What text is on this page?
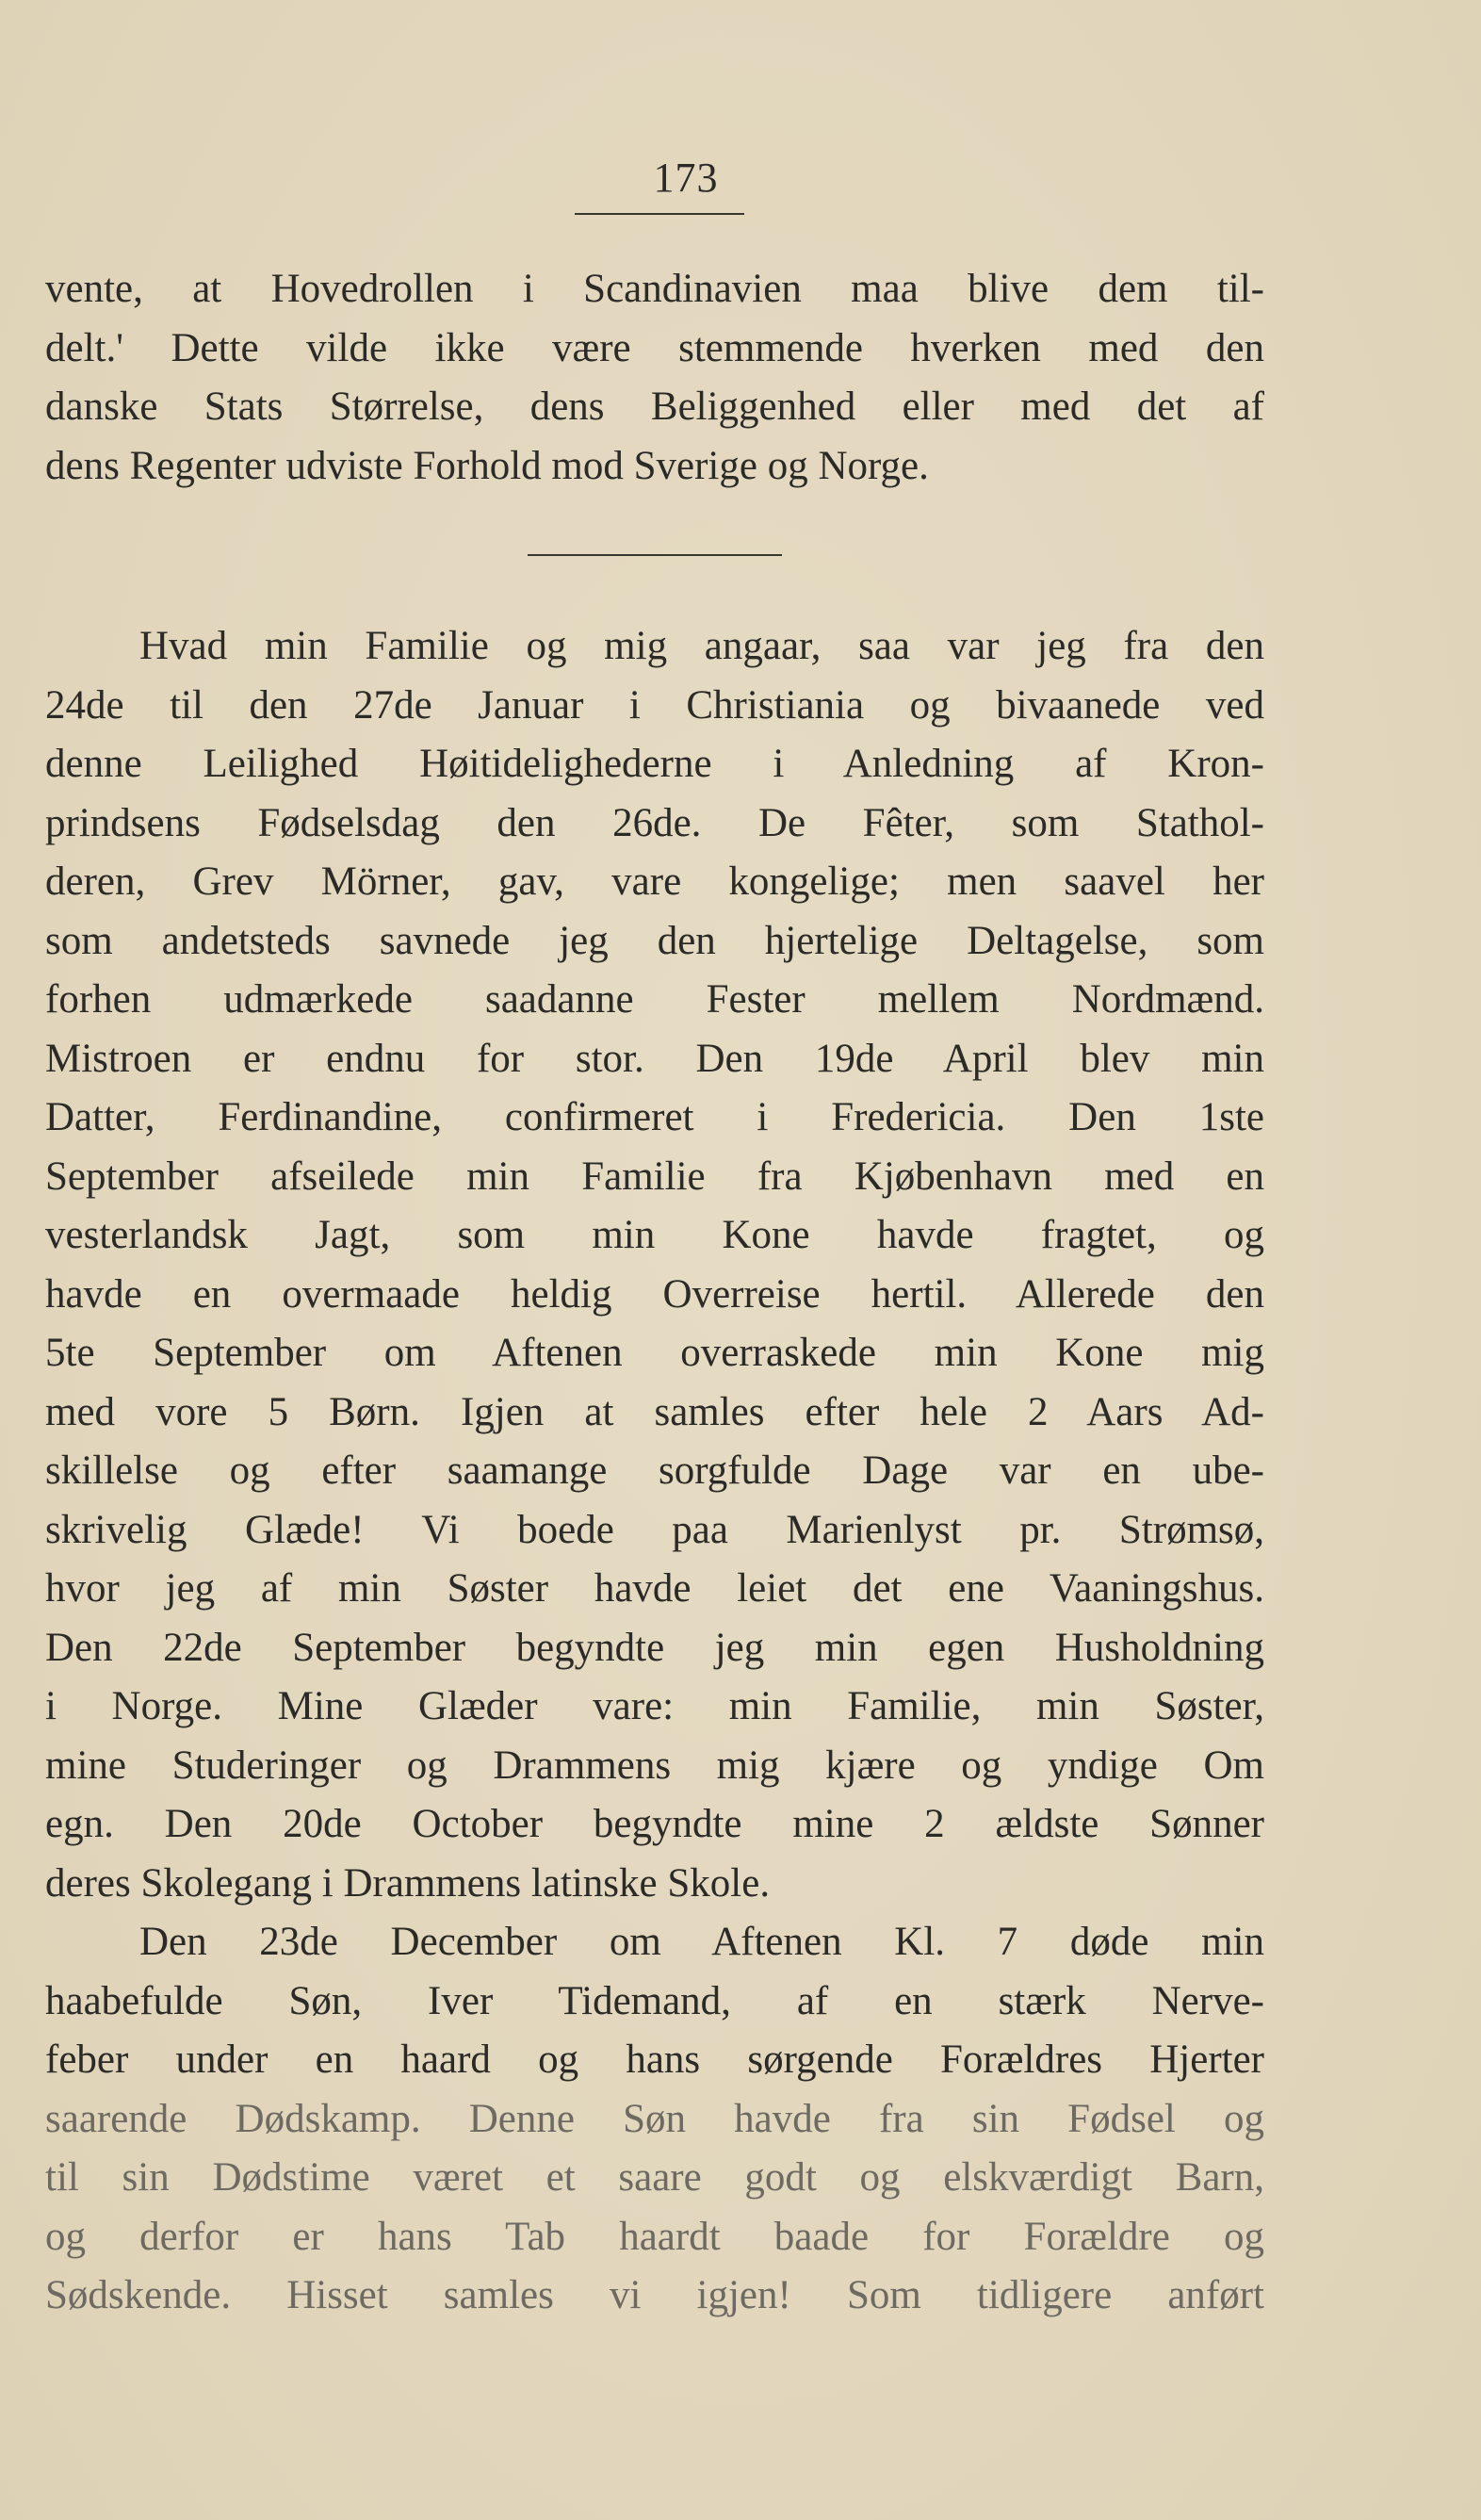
173
vente, at Hovedrollen i Scandinavien maa blive dem til-
delt.' Dette vilde ikke være stemmende hverken med den
danske Stats Størrelse, dens Beliggenhed eller med det af
dens Regenter udviste Forhold mod Sverige og Norge.
Hvad min Familie og mig angaar, saa var jeg fra den
24de til den 27de Januar i Christiania og bivaanede ved
denne Leilighed Høitidelighederne i Anledning af Kron-
prindsens Fødselsdag den 26de. De Fêter, som Stathol-
deren, Grev Mörner, gav, vare kongelige; men saavel her
som andetsteds savnede jeg den hjertelige Deltagelse, som
forhen udmærkede saadanne Fester mellem Nordmænd.
Mistroen er endnu for stor. Den 19de April blev min
Datter, Ferdinandine, confirmeret i Fredericia. Den 1ste
September afseilede min Familie fra Kjøbenhavn med en
vesterlandsk Jagt, som min Kone havde fragtet, og
havde en overmaade heldig Overreise hertil. Allerede den
5te September om Aftenen overraskede min Kone mig
med vore 5 Børn. Igjen at samles efter hele 2 Aars Ad-
skillelse og efter saamange sorgfulde Dage var en ube-
skrivelig Glæde! Vi boede paa Marienlyst pr. Strømsø,
hvor jeg af min Søster havde leiet det ene Vaaningshus.
Den 22de September begyndte jeg min egen Husholdning
i Norge. Mine Glæder vare: min Familie, min Søster,
mine Studeringer og Drammens mig kjære og yndige Om
egn. Den 20de October begyndte mine 2 ældste Sønner
deres Skolegang i Drammens latinske Skole.
Den 23de December om Aftenen Kl. 7 døde min
haabefulde Søn, Iver Tidemand, af en stærk Nerve-
feber under en haard og hans sørgende Forældres Hjerter
saarende Dødskamp. Denne Søn havde fra sin Fødsel og
til sin Dødstime været et saare godt og elskværdigt Barn,
og derfor er hans Tab haardt baade for Forældre og
Sødskende. Hisset samles vi igjen! Som tidligere anført
